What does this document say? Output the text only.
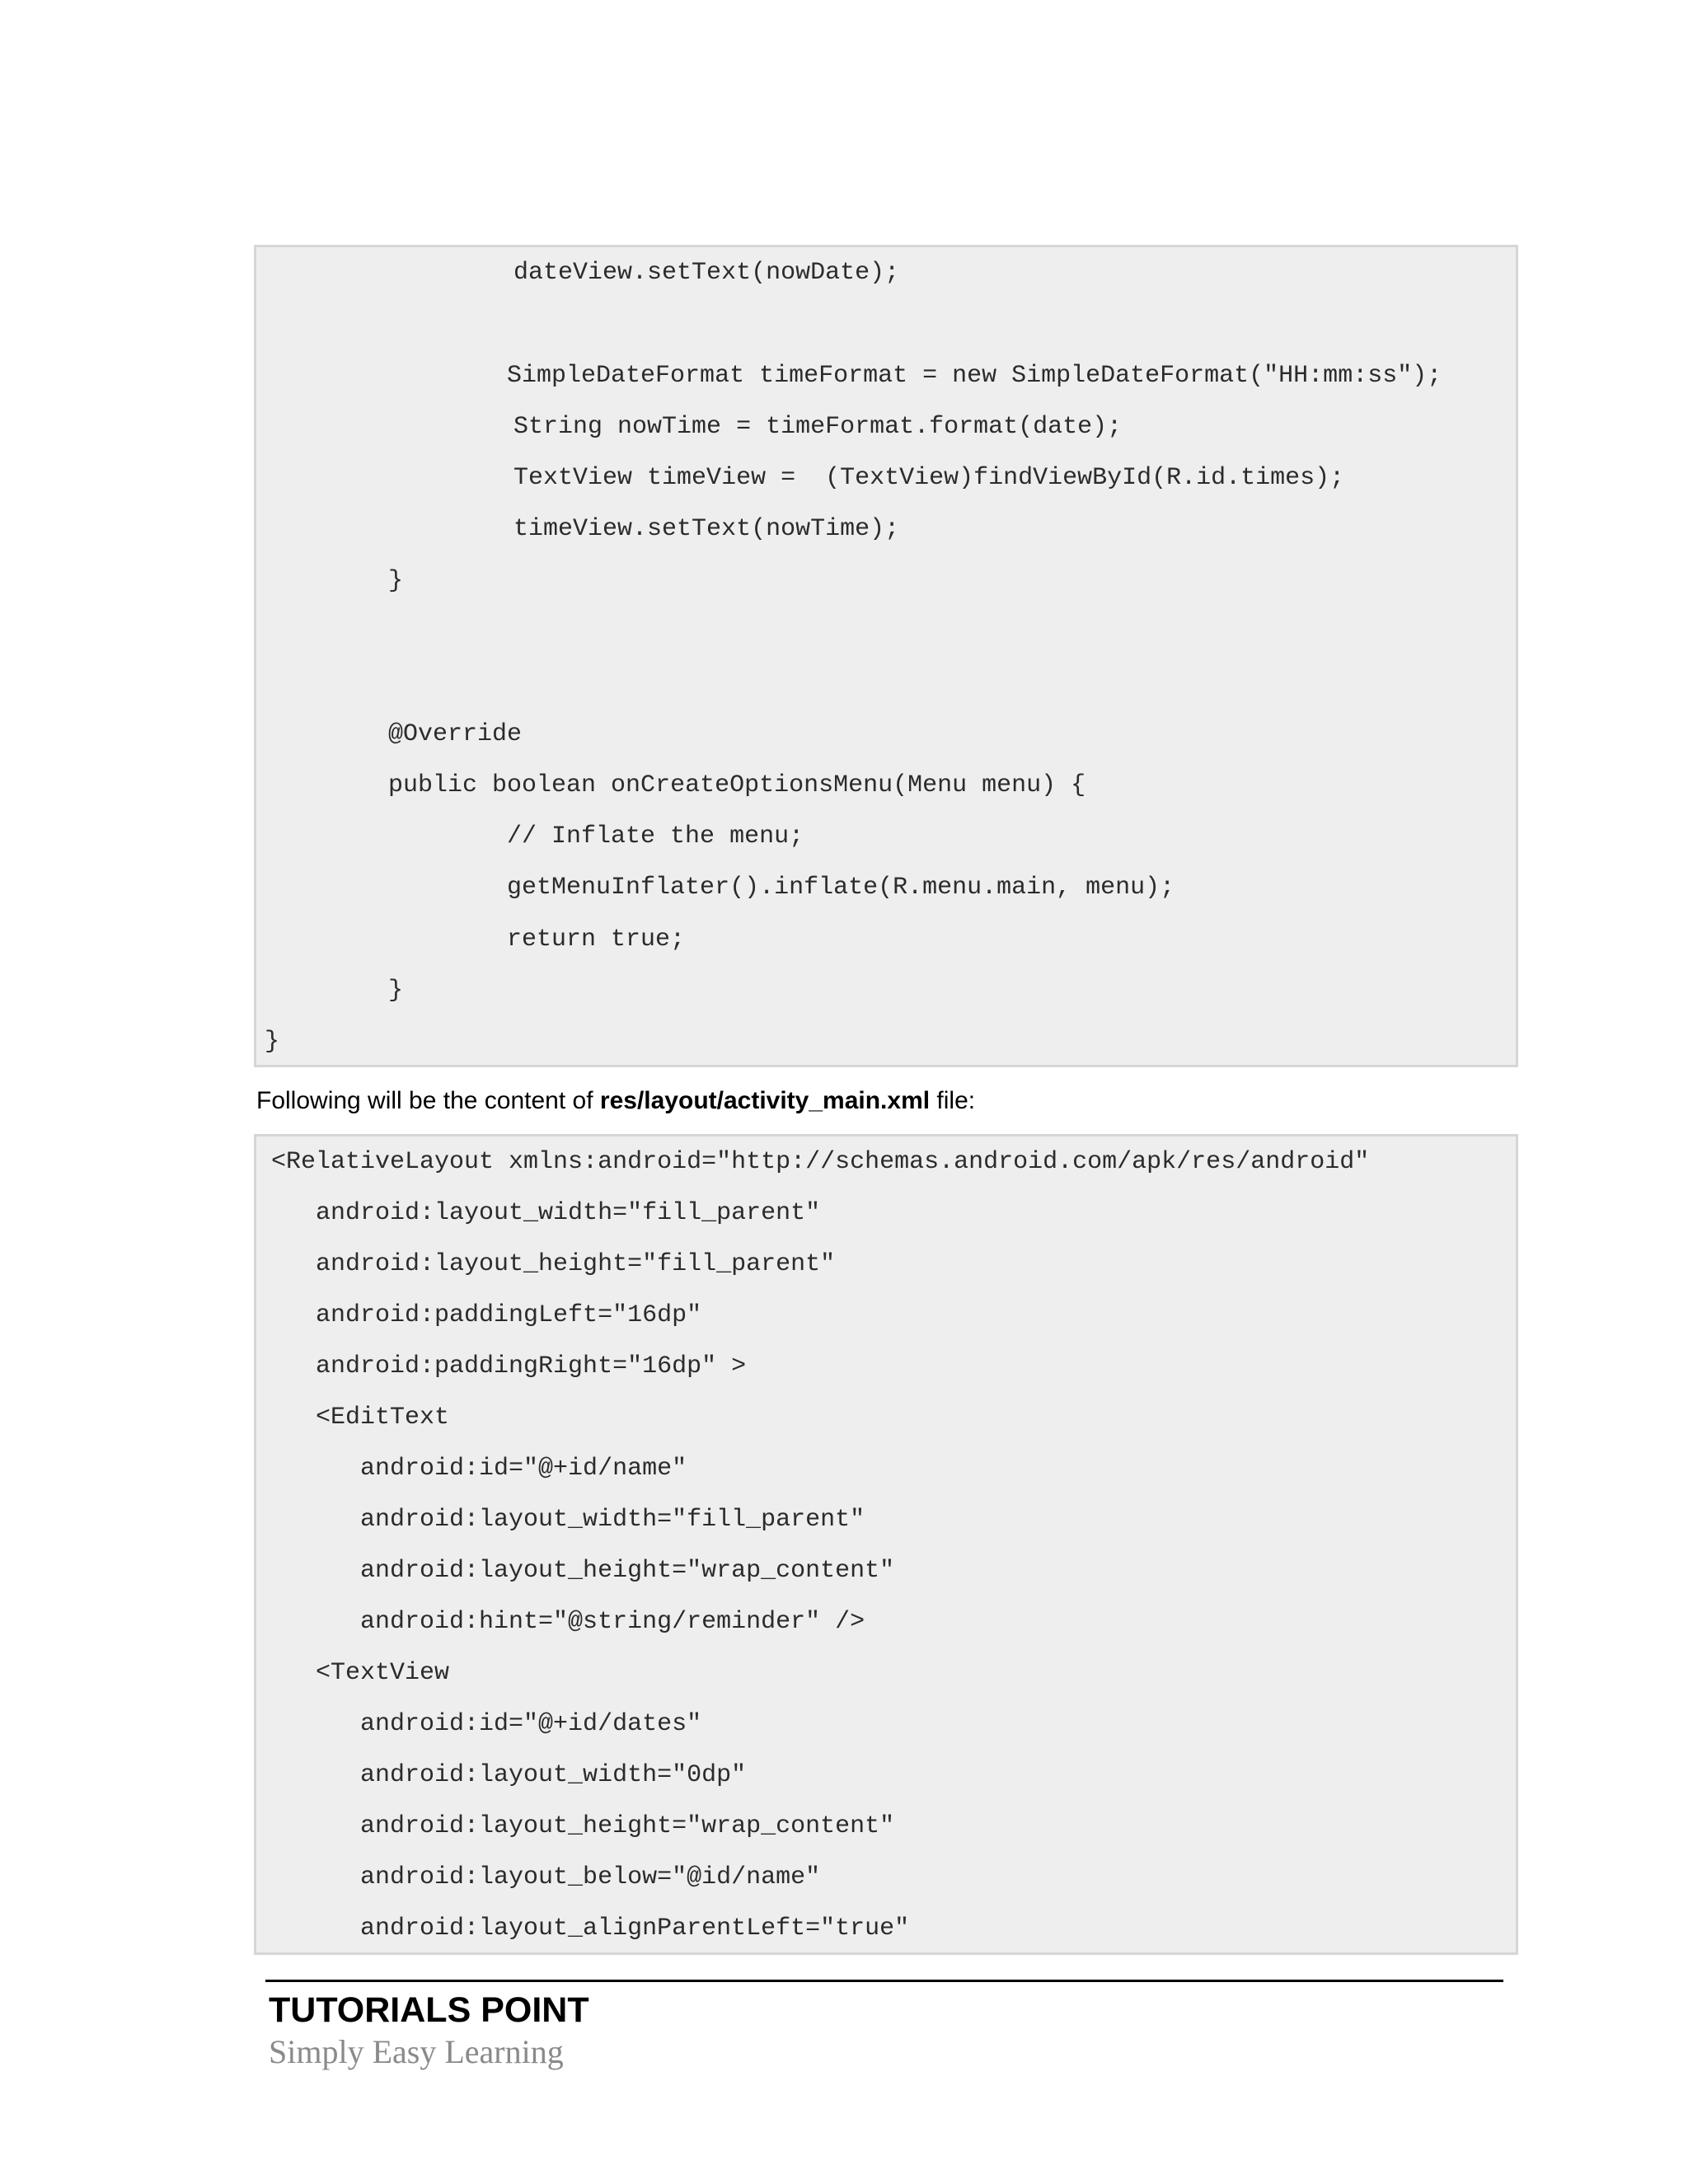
dateView.setText(nowDate);
SimpleDateFormat timeFormat = new SimpleDateFormat("HH:mm:ss");
String nowTime = timeFormat.format(date);
TextView timeView =  (TextView)findViewById(R.id.times);
timeView.setText(nowTime);
}
@Override
public boolean onCreateOptionsMenu(Menu menu) {
// Inflate the menu;
getMenuInflater().inflate(R.menu.main, menu);
return true;
}
}
Following will be the content of res/layout/activity_main.xml file:
<RelativeLayout xmlns:android="http://schemas.android.com/apk/res/android"
android:layout_width="fill_parent"
android:layout_height="fill_parent"
android:paddingLeft="16dp"
android:paddingRight="16dp" >
<EditText
android:id="@+id/name"
android:layout_width="fill_parent"
android:layout_height="wrap_content"
android:hint="@string/reminder" />
<TextView
android:id="@+id/dates"
android:layout_width="0dp"
android:layout_height="wrap_content"
android:layout_below="@id/name"
android:layout_alignParentLeft="true"
TUTORIALS POINT
Simply Easy Learning
